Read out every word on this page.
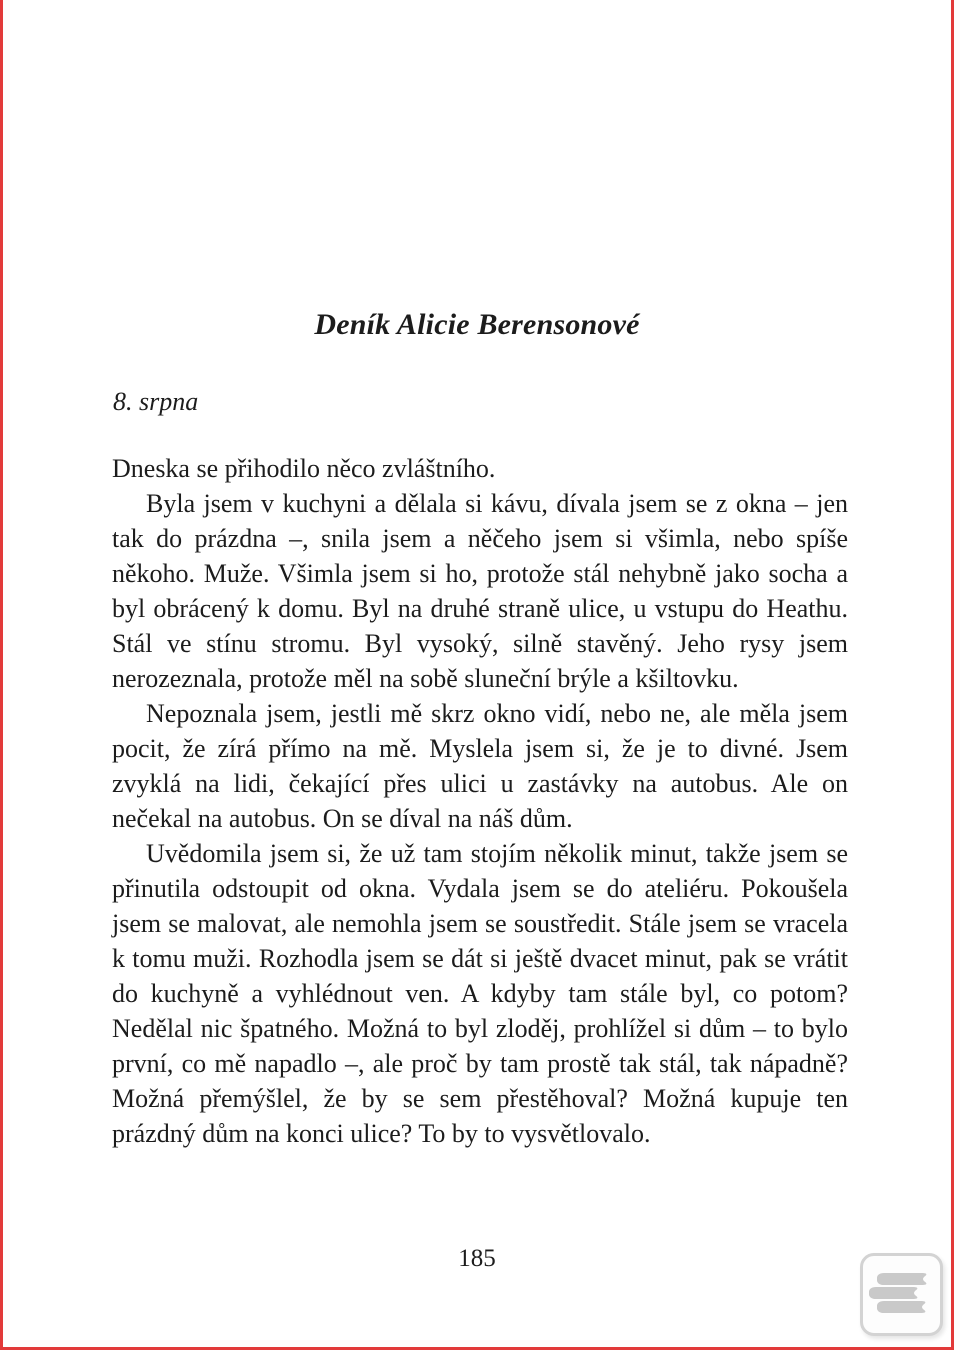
Deník Alicie Berensonové
8. srpna

Dneska se přihodilo něco zvláštního.

Byla jsem v kuchyni a dělala si kávu, dívala jsem se z okna – jen tak do prázdna –, snila jsem a něčeho jsem si všimla, nebo spíše někoho. Muže. Všimla jsem si ho, protože stál nehybně jako socha a byl obrácený k domu. Byl na druhé straně ulice, u vstupu do Heathu. Stál ve stínu stromu. Byl vysoký, silně stavěný. Jeho rysy jsem nerozeznala, protože měl na sobě sluneční brýle a kšiltovku.

Nepoznala jsem, jestli mě skrz okno vidí, nebo ne, ale měla jsem pocit, že zírá přímo na mě. Myslela jsem si, že je to divné. Jsem zvyklá na lidi, čekající přes ulici u zastávky na autobus. Ale on nečekal na autobus. On se díval na náš dům.

Uvědomila jsem si, že už tam stojím několik minut, takže jsem se přinutila odstoupit od okna. Vydala jsem se do ateliéru. Pokoušela jsem se malovat, ale nemohla jsem se soustředit. Stále jsem se vracela k tomu muži. Rozhodla jsem se dát si ještě dvacet minut, pak se vrátit do kuchyně a vyhlédnout ven. A kdyby tam stále byl, co potom? Nedělal nic špatného. Možná to byl zloděj, prohlížel si dům – to bylo první, co mě napadlo –, ale proč by tam prostě tak stál, tak nápadně? Možná přemýšlel, že by se sem přestěhoval? Možná kupuje ten prázdný dům na konci ulice? To by to vysvětlovalo.

185
